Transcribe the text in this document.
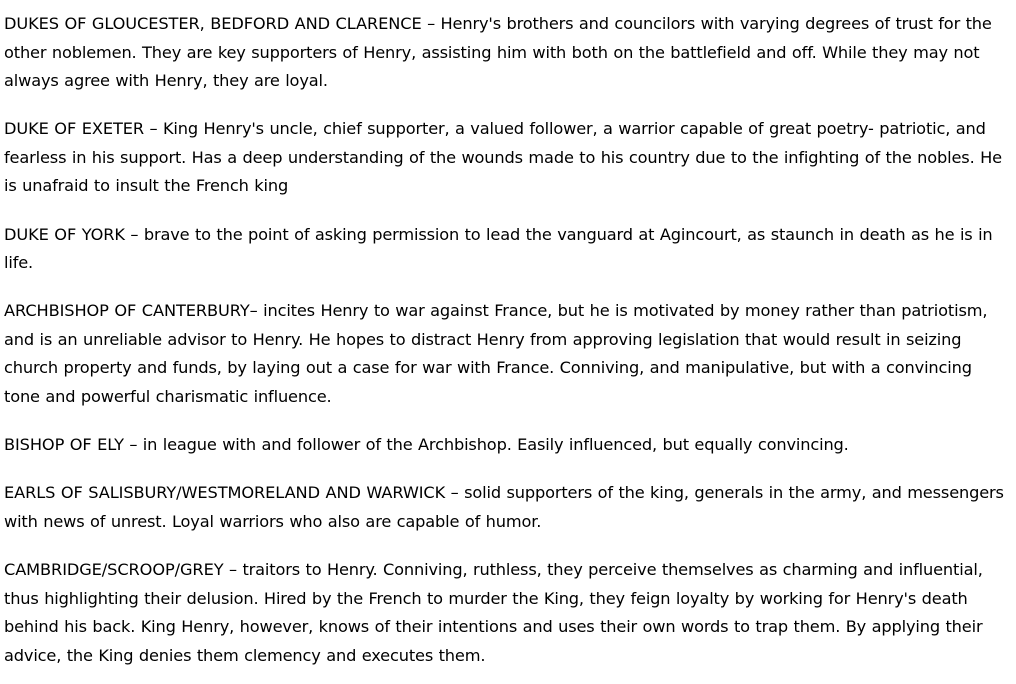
DUKES OF GLOUCESTER, BEDFORD AND CLARENCE – Henry's brothers and councilors with varying degrees of trust for the other noblemen. They are key supporters of Henry, assisting him with both on the battlefield and off. While they may not always agree with Henry, they are loyal.

DUKE OF EXETER – King Henry's uncle, chief supporter, a valued follower, a warrior capable of great poetry- patriotic, and fearless in his support. Has a deep understanding of the wounds made to his country due to the infighting of the nobles. He is unafraid to insult the French king

DUKE OF YORK – brave to the point of asking permission to lead the vanguard at Agincourt, as staunch in death as he is in life.

ARCHBISHOP OF CANTERBURY– incites Henry to war against France, but he is motivated by money rather than patriotism, and is an unreliable advisor to Henry. He hopes to distract Henry from approving legislation that would result in seizing church property and funds, by laying out a case for war with France. Conniving, and manipulative, but with a convincing tone and powerful charismatic influence.

BISHOP OF ELY – in league with and follower of the Archbishop. Easily influenced, but equally convincing.

EARLS OF SALISBURY/WESTMORELAND AND WARWICK – solid supporters of the king, generals in the army, and messengers with news of unrest. Loyal warriors who also are capable of humor.

CAMBRIDGE/SCROOP/GREY – traitors to Henry. Conniving, ruthless, they perceive themselves as charming and influential, thus highlighting their delusion. Hired by the French to murder the King, they feign loyalty by working for Henry's death behind his back. King Henry, however, knows of their intentions and uses their own words to trap them. By applying their advice, the King denies them clemency and executes them.
